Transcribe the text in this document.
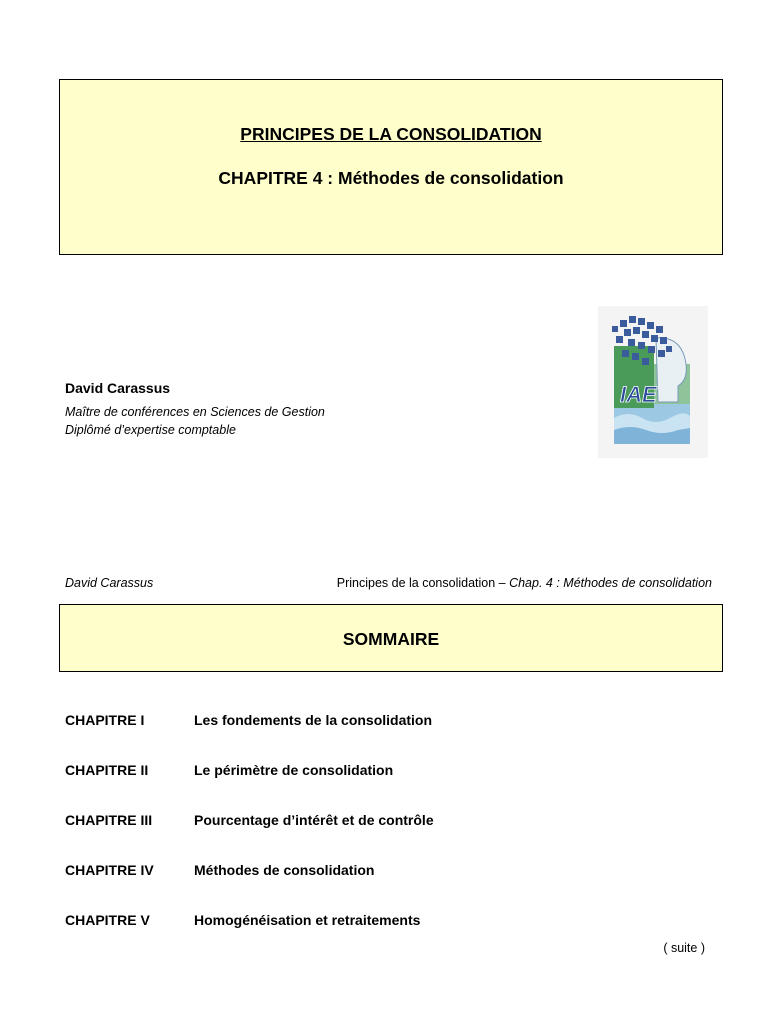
PRINCIPES DE LA CONSOLIDATION
CHAPITRE 4 : Méthodes de consolidation
David Carassus
Maître de conférences en Sciences de Gestion
Diplômé d’expertise comptable
IAE
David Carassus	Principes de la consolidation – Chap. 4 : Méthodes de consolidation
SOMMAIRE
CHAPITRE I	Les fondements de la consolidation
CHAPITRE II	Le périmètre de consolidation
CHAPITRE III	Pourcentage d’intérêt et de contrôle
CHAPITRE IV	Méthodes de consolidation
CHAPITRE V	Homogénéisation et retraitements
( suite )
